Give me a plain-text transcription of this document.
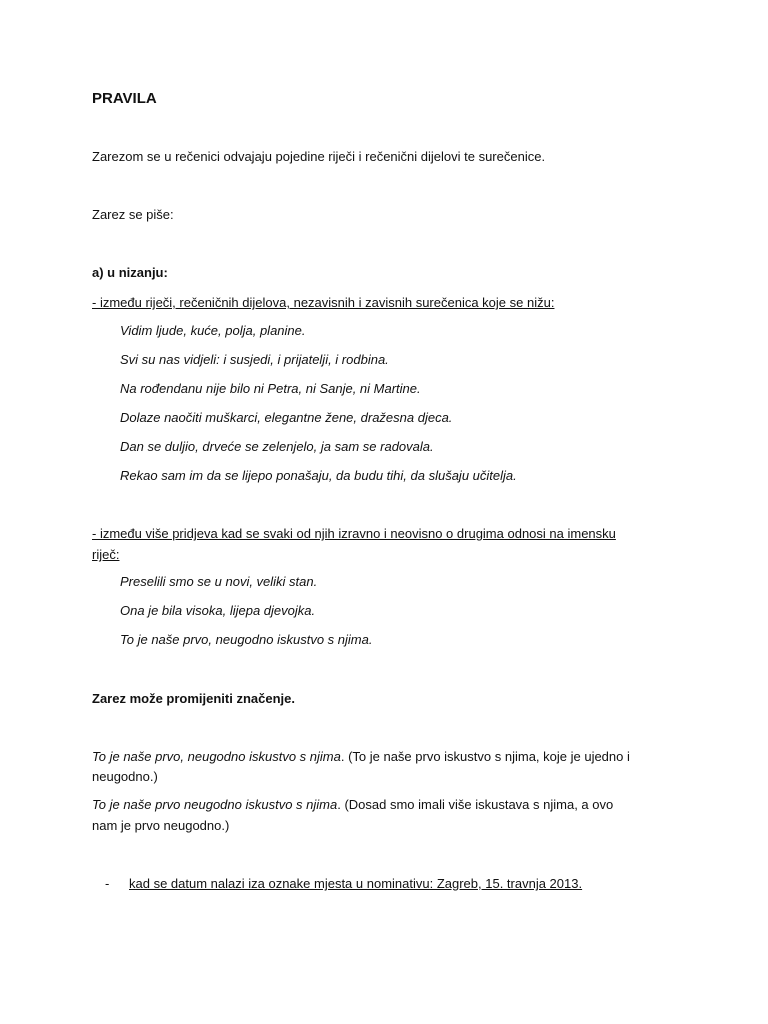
PRAVILA
Zarezom se u rečenici odvajaju pojedine riječi i rečenični dijelovi te surečenice.
Zarez se piše:
a) u nizanju:
- između riječi, rečeničnih dijelova, nezavisnih i zavisnih surečenica koje se nižu:
Vidim ljude, kuće, polja, planine.
Svi su nas vidjeli: i susjedi, i prijatelji, i rodbina.
Na rođendanu nije bilo ni Petra, ni Sanje, ni Martine.
Dolaze naočiti muškarci, elegantne žene, dražesna djeca.
Dan se duljio, drveće se zelenjelo, ja sam se radovala.
Rekao sam im da se lijepo ponašaju, da budu tihi, da slušaju učitelja.
- između više pridjeva kad se svaki od njih izravno i neovisno o drugima odnosi na imensku
riječ:
Preselili smo se u novi, veliki stan.
Ona je bila visoka, lijepa djevojka.
To je naše prvo, neugodno iskustvo s njima.
Zarez može promijeniti značenje.
To je naše prvo, neugodno iskustvo s njima. (To je naše prvo iskustvo s njima, koje je ujedno i
neugodno.)
To je naše prvo neugodno iskustvo s njima. (Dosad smo imali više iskustava s njima, a ovo
nam je prvo neugodno.)
- kad se datum nalazi iza oznake mjesta u nominativu: Zagreb, 15. travnja 2013.
